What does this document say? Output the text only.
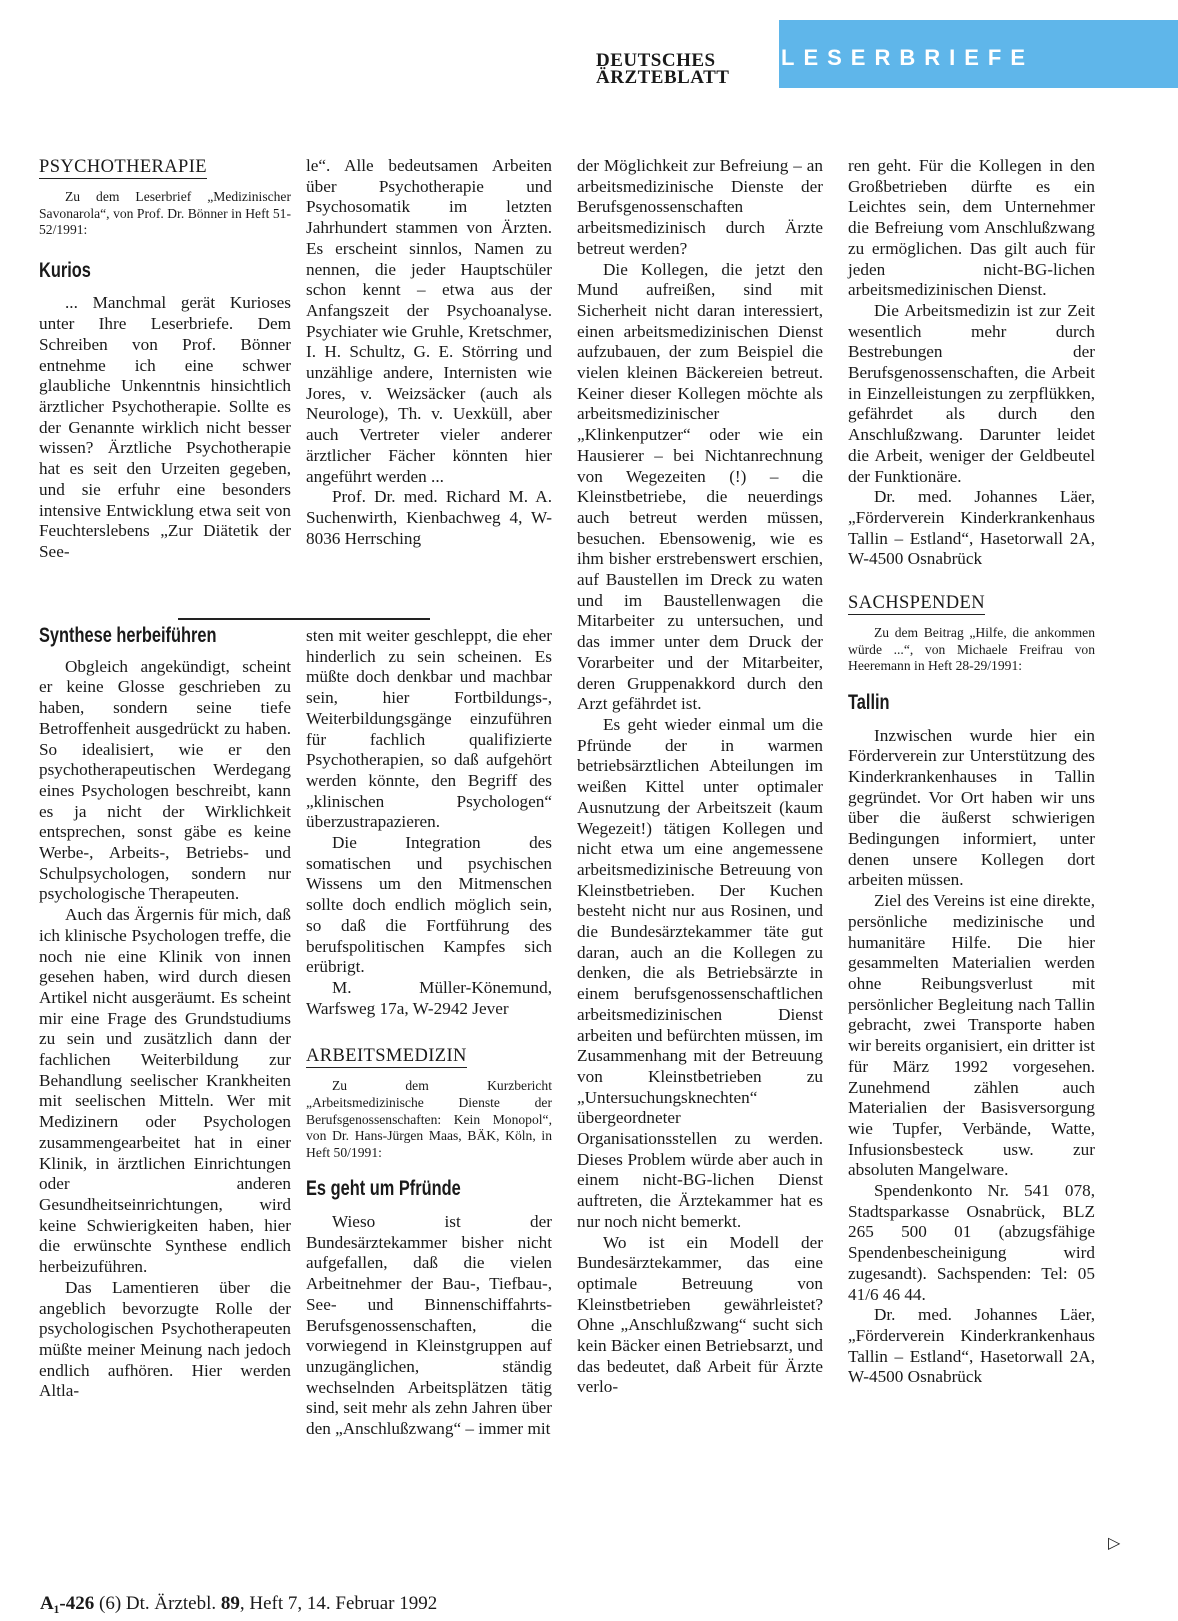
DEUTSCHES
ÄRZTEBLATT
LESERBRIEFE
PSYCHOTHERAPIE

Zu dem Leserbrief „Medizinischer Savonarola“, von Prof. Dr. Bönner in Heft 51-52/1991:

Kurios

... Manchmal gerät Kurioses unter Ihre Leserbriefe. Dem Schreiben von Prof. Bönner entnehme ich eine schwer glaubliche Unkenntnis hinsichtlich ärztlicher Psychotherapie. Sollte es der Genannte wirklich nicht besser wissen? Ärztliche Psychotherapie hat es seit den Urzeiten gegeben, und sie erfuhr eine besonders intensive Entwicklung etwa seit von Feuchterslebens „Zur Diätetik der See-

Synthese herbeiführen

Obgleich angekündigt, scheint er keine Glosse geschrieben zu haben, sondern seine tiefe Betroffenheit ausgedrückt zu haben. So idealisiert, wie er den psychotherapeutischen Werdegang eines Psychologen beschreibt, kann es ja nicht der Wirklichkeit entsprechen, sonst gäbe es keine Werbe-, Arbeits-, Betriebs- und Schulpsychologen, sondern nur psychologische Therapeuten.

Auch das Ärgernis für mich, daß ich klinische Psychologen treffe, die noch nie eine Klinik von innen gesehen haben, wird durch diesen Artikel nicht ausgeräumt. Es scheint mir eine Frage des Grundstudiums zu sein und zusätzlich dann der fachlichen Weiterbildung zur Behandlung seelischer Krankheiten mit seelischen Mitteln. Wer mit Medizinern oder Psychologen zusammengearbeitet hat in einer Klinik, in ärztlichen Einrichtungen oder anderen Gesundheitseinrichtungen, wird keine Schwierigkeiten haben, hier die erwünschte Synthese endlich herbeizuführen.

Das Lamentieren über die angeblich bevorzugte Rolle der psychologischen Psychotherapeuten müßte meiner Meinung nach jedoch endlich aufhören. Hier werden Altla-

le“. Alle bedeutsamen Arbeiten über Psychotherapie und Psychosomatik im letzten Jahrhundert stammen von Ärzten. Es erscheint sinnlos, Namen zu nennen, die jeder Hauptschüler schon kennt – etwa aus der Anfangszeit der Psychoanalyse. Psychiater wie Gruhle, Kretschmer, I. H. Schultz, G. E. Störring und unzählige andere, Internisten wie Jores, v. Weizsäcker (auch als Neurologe), Th. v. Uexküll, aber auch Vertreter vieler anderer ärztlicher Fächer könnten hier angeführt werden ...

Prof. Dr. med. Richard M. A. Suchenwirth, Kienbachweg 4, W-8036 Herrsching

sten mit weiter geschleppt, die eher hinderlich zu sein scheinen. Es müßte doch denkbar und machbar sein, hier Fortbildungs-, Weiterbildungsgänge einzuführen für fachlich qualifizierte Psychotherapien, so daß aufgehört werden könnte, den Begriff des „klinischen Psychologen“ überzustrapazieren.

Die Integration des somatischen und psychischen Wissens um den Mitmenschen sollte doch endlich möglich sein, so daß die Fortführung des berufspolitischen Kampfes sich erübrigt.

M. Müller-Könemund, Warfsweg 17a, W-2942 Jever

ARBEITSMEDIZIN

Zu dem Kurzbericht „Arbeitsmedizinische Dienste der Berufsgenossenschaften: Kein Monopol“, von Dr. Hans-Jürgen Maas, BÄK, Köln, in Heft 50/1991:

Es geht um Pfründe

Wieso ist der Bundesärztekammer bisher nicht aufgefallen, daß die vielen Arbeitnehmer der Bau-, Tiefbau-, See- und Binnenschiffahrts-Berufsgenossenschaften, die vorwiegend in Kleinstgruppen auf unzugänglichen, ständig wechselnden Arbeitsplätzen tätig sind, seit mehr als zehn Jahren über den „Anschlußzwang“ – immer mit

der Möglichkeit zur Befreiung – an arbeitsmedizinische Dienste der Berufsgenossenschaften arbeitsmedizinisch durch Ärzte betreut werden?

Die Kollegen, die jetzt den Mund aufreißen, sind mit Sicherheit nicht daran interessiert, einen arbeitsmedizinischen Dienst aufzubauen, der zum Beispiel die vielen kleinen Bäckereien betreut. Keiner dieser Kollegen möchte als arbeitsmedizinischer „Klinkenputzer“ oder wie ein Hausierer – bei Nichtanrechnung von Wegezeiten (!) – die Kleinstbetriebe, die neuerdings auch betreut werden müssen, besuchen. Ebensowenig, wie es ihm bisher erstrebenswert erschien, auf Baustellen im Dreck zu waten und im Baustellenwagen die Mitarbeiter zu untersuchen, und das immer unter dem Druck der Vorarbeiter und der Mitarbeiter, deren Gruppenakkord durch den Arzt gefährdet ist.

Es geht wieder einmal um die Pfründe der in warmen betriebsärztlichen Abteilungen im weißen Kittel unter optimaler Ausnutzung der Arbeitszeit (kaum Wegezeit!) tätigen Kollegen und nicht etwa um eine angemessene arbeitsmedizinische Betreuung von Kleinstbetrieben. Der Kuchen besteht nicht nur aus Rosinen, und die Bundesärztekammer täte gut daran, auch an die Kollegen zu denken, die als Betriebsärzte in einem berufsgenossenschaftlichen arbeitsmedizinischen Dienst arbeiten und befürchten müssen, im Zusammenhang mit der Betreuung von Kleinstbetrieben zu „Untersuchungsknechten“ übergeordneter Organisationsstellen zu werden. Dieses Problem würde aber auch in einem nicht-BG-lichen Dienst auftreten, die Ärztekammer hat es nur noch nicht bemerkt.

Wo ist ein Modell der Bundesärztekammer, das eine optimale Betreuung von Kleinstbetrieben gewährleistet? Ohne „Anschlußzwang“ sucht sich kein Bäcker einen Betriebsarzt, und das bedeutet, daß Arbeit für Ärzte verlo-

ren geht. Für die Kollegen in den Großbetrieben dürfte es ein Leichtes sein, dem Unternehmer die Befreiung vom Anschlußzwang zu ermöglichen. Das gilt auch für jeden nicht-BG-lichen arbeitsmedizinischen Dienst.

Die Arbeitsmedizin ist zur Zeit wesentlich mehr durch Bestrebungen der Berufsgenossenschaften, die Arbeit in Einzelleistungen zu zerpflükken, gefährdet als durch den Anschlußzwang. Darunter leidet die Arbeit, weniger der Geldbeutel der Funktionäre.

Dr. med. Johannes Läer, „Förderverein Kinderkrankenhaus Tallin – Estland“, Hasetorwall 2A, W-4500 Osnabrück

SACHSPENDEN

Zu dem Beitrag „Hilfe, die ankommen würde ...“, von Michaele Freifrau von Heeremann in Heft 28-29/1991:

Tallin

Inzwischen wurde hier ein Förderverein zur Unterstützung des Kinderkrankenhauses in Tallin gegründet. Vor Ort haben wir uns über die äußerst schwierigen Bedingungen informiert, unter denen unsere Kollegen dort arbeiten müssen.

Ziel des Vereins ist eine direkte, persönliche medizinische und humanitäre Hilfe. Die hier gesammelten Materialien werden ohne Reibungsverlust mit persönlicher Begleitung nach Tallin gebracht, zwei Transporte haben wir bereits organisiert, ein dritter ist für März 1992 vorgesehen. Zunehmend zählen auch Materialien der Basisversorgung wie Tupfer, Verbände, Watte, Infusionsbesteck usw. zur absoluten Mangelware.

Spendenkonto Nr. 541 078, Stadtsparkasse Osnabrück, BLZ 265 500 01 (abzugsfähige Spendenbescheinigung wird zugesandt). Sachspenden: Tel: 05 41/6 46 44.

Dr. med. Johannes Läer, „Förderverein Kinderkrankenhaus Tallin – Estland“, Hasetorwall 2A, W-4500 Osnabrück

▷
A₁-426 (6) Dt. Ärztebl. 89, Heft 7, 14. Februar 1992
